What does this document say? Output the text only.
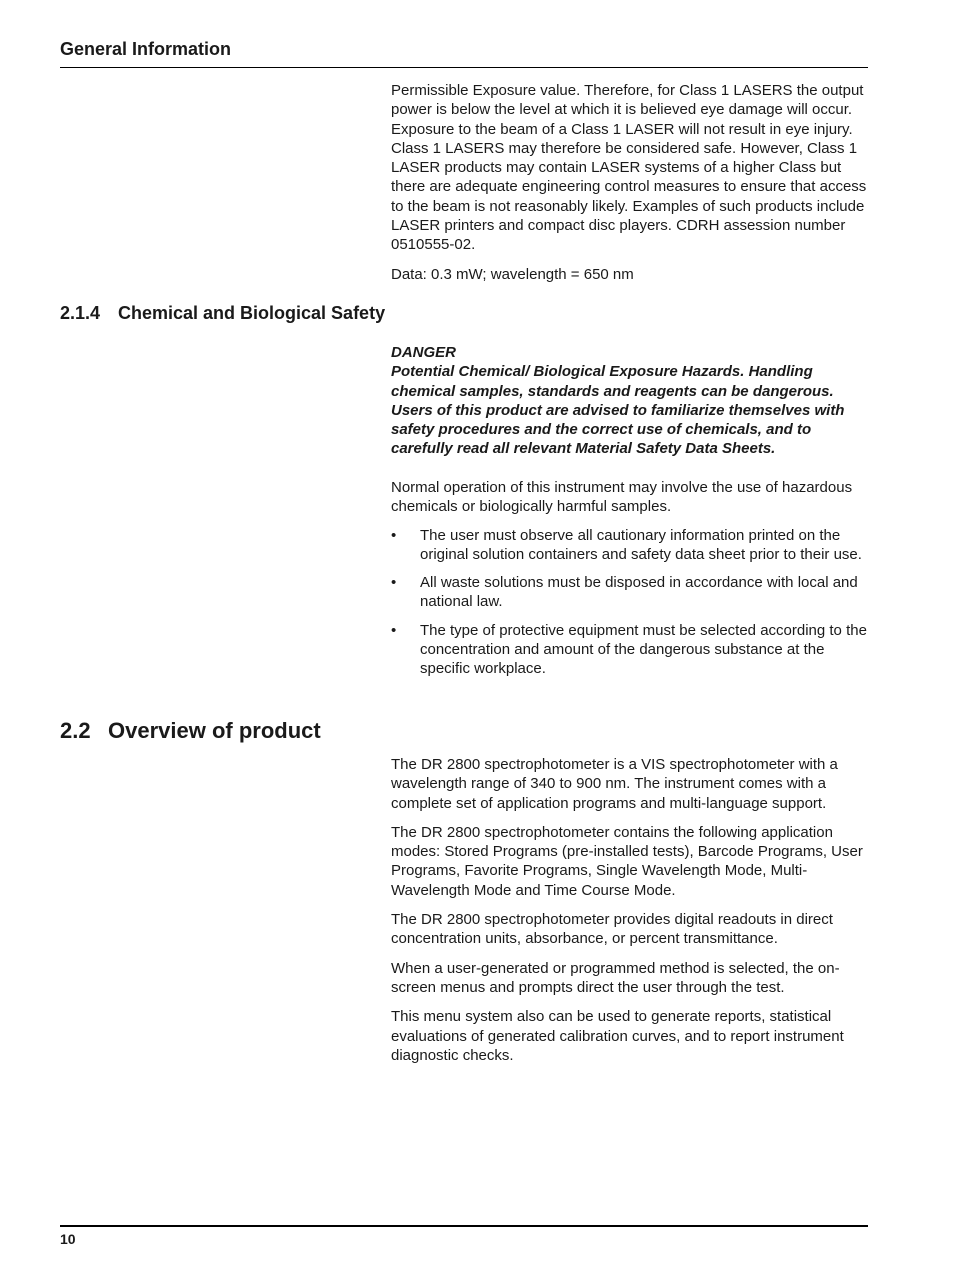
General Information

Permissible Exposure value. Therefore, for Class 1 LASERS the output power is below the level at which it is believed eye damage will occur. Exposure to the beam of a Class 1 LASER will not result in eye injury. Class 1 LASERS may therefore be considered safe. However, Class 1 LASER products may contain LASER systems of a higher Class but there are adequate engineering control measures to ensure that access to the beam is not reasonably likely. Examples of such products include LASER printers and compact disc players. CDRH assession number 0510555-02.

Data: 0.3 mW; wavelength = 650 nm

2.1.4 Chemical and Biological Safety

DANGER

Potential Chemical/ Biological Exposure Hazards. Handling chemical samples, standards and reagents can be dangerous. Users of this product are advised to familiarize themselves with safety procedures and the correct use of chemicals, and to carefully read all relevant Material Safety Data Sheets.

Normal operation of this instrument may involve the use of hazardous chemicals or biologically harmful samples.

• The user must observe all cautionary information printed on the original solution containers and safety data sheet prior to their use.
• All waste solutions must be disposed in accordance with local and national law.
• The type of protective equipment must be selected according to the concentration and amount of the dangerous substance at the specific workplace.
2.2 Overview of product

The DR 2800 spectrophotometer is a VIS spectrophotometer with a wavelength range of 340 to 900 nm. The instrument comes with a complete set of application programs and multi-language support.

The DR 2800 spectrophotometer contains the following application modes: Stored Programs (pre-installed tests), Barcode Programs, User Programs, Favorite Programs, Single Wavelength Mode, Multi-Wavelength Mode and Time Course Mode.

The DR 2800 spectrophotometer provides digital readouts in direct concentration units, absorbance, or percent transmittance.

When a user-generated or programmed method is selected, the on-screen menus and prompts direct the user through the test.

This menu system also can be used to generate reports, statistical evaluations of generated calibration curves, and to report instrument diagnostic checks.

10
